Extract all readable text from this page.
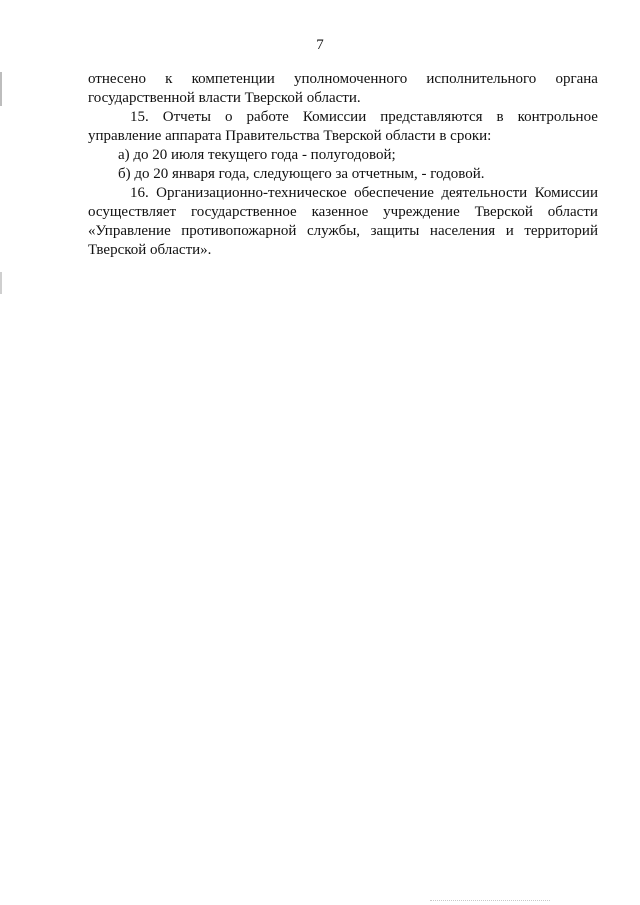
7
отнесено к компетенции уполномоченного исполнительного органа
государственной власти Тверской области.
15. Отчеты о работе Комиссии представляются в контрольное
управление аппарата Правительства Тверской области в сроки:
а) до 20 июля текущего года - полугодовой;
б) до 20 января года, следующего за отчетным, - годовой.
16. Организационно-техническое обеспечение деятельности Комиссии
осуществляет государственное казенное учреждение Тверской области
«Управление противопожарной службы, защиты населения и территорий
Тверской области».
